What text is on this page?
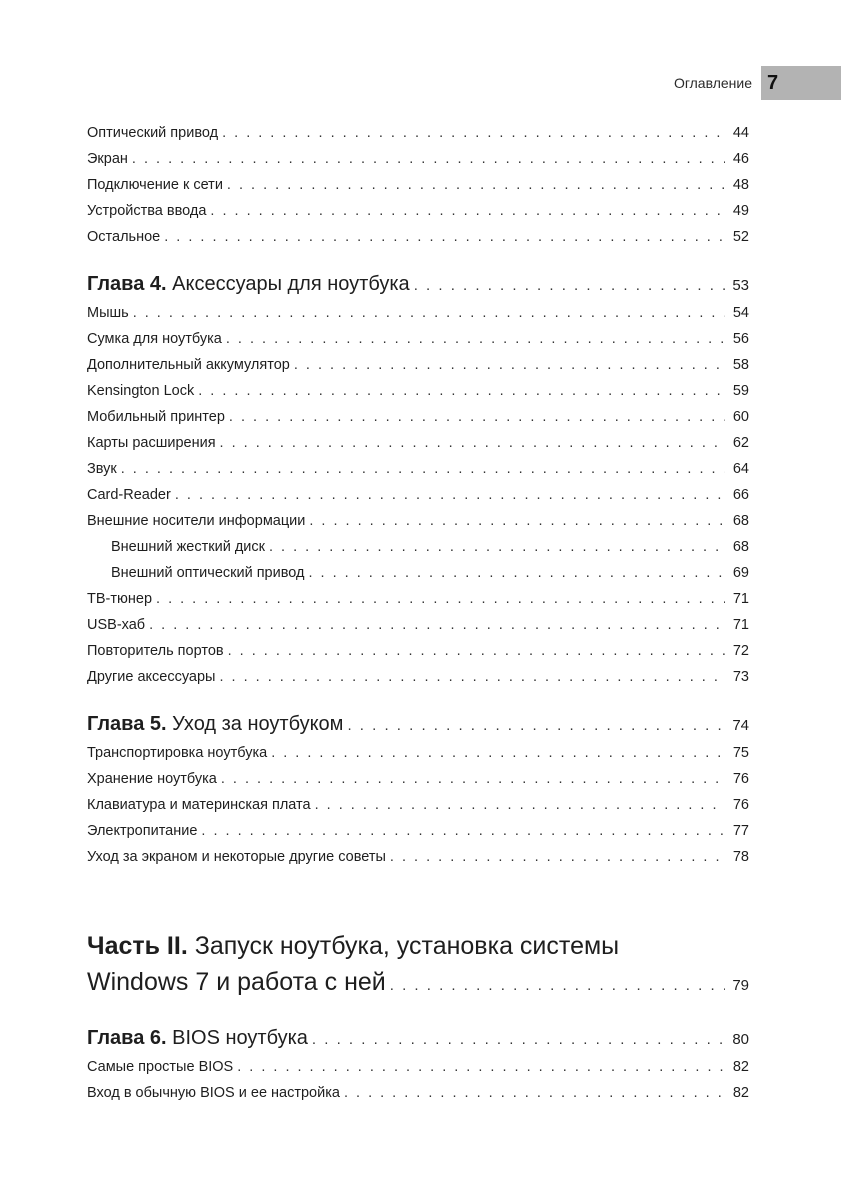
Оглавление 7
Оптический привод . . .	44
Экран . . .	46
Подключение к сети . . .	48
Устройства ввода . . .	49
Остальное . . .	52
Глава 4. Аксессуары для ноутбука . . .	53
Мышь . . .	54
Сумка для ноутбука . . .	56
Дополнительный аккумулятор . . .	58
Kensington Lock . . .	59
Мобильный принтер . . .	60
Карты расширения . . .	62
Звук . . .	64
Card-Reader . . .	66
Внешние носители информации . . .	68
Внешний жесткий диск . . .	68
Внешний оптический привод . . .	69
ТВ-тюнер . . .	71
USB-хаб . . .	71
Повторитель портов . . .	72
Другие аксессуары . . .	73
Глава 5. Уход за ноутбуком . . .	74
Транспортировка ноутбука . . .	75
Хранение ноутбука . . .	76
Клавиатура и материнская плата . . .	76
Электропитание . . .	77
Уход за экраном и некоторые другие советы . . .	78
Часть II. Запуск ноутбука, установка системы
Windows 7 и работа с ней . . .	79
Глава 6. BIOS ноутбука . . .	80
Самые простые BIOS . . .	82
Вход в обычную BIOS и ее настройка . . .	82
